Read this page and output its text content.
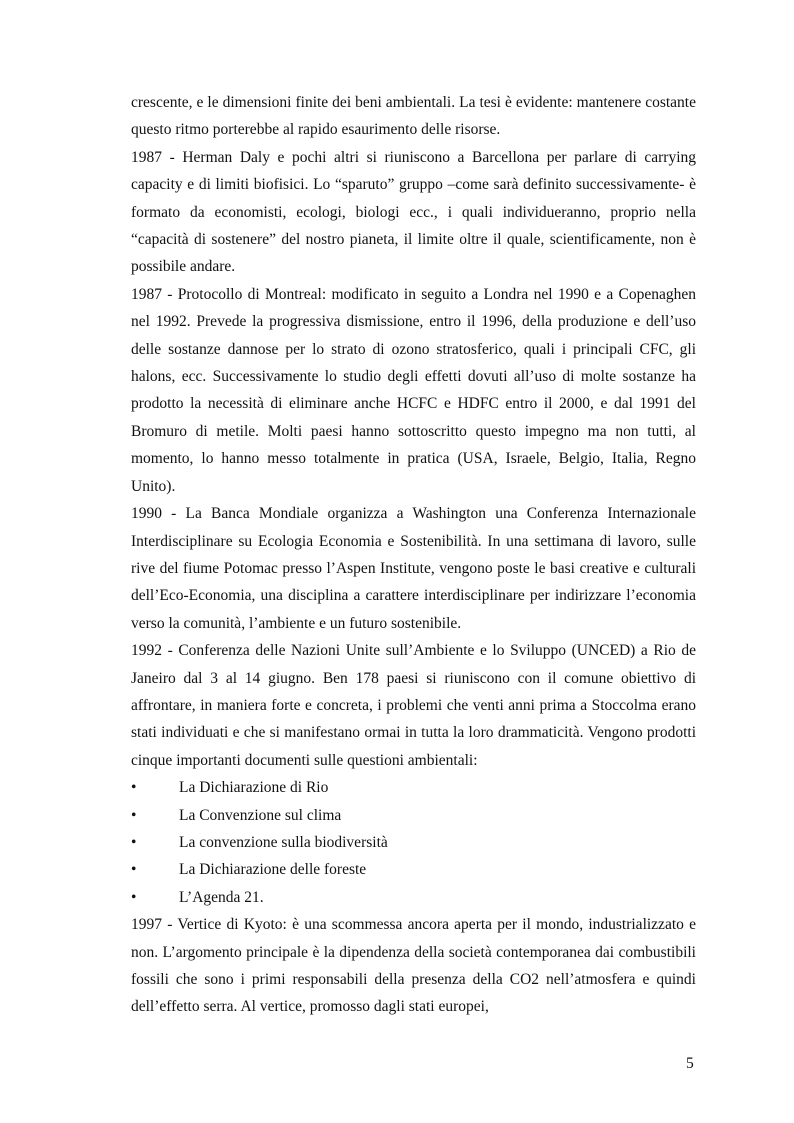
crescente, e le dimensioni finite dei beni ambientali. La tesi è evidente: mantenere costante questo ritmo porterebbe al rapido esaurimento delle risorse.

1987 - Herman Daly e pochi altri si riuniscono a Barcellona per parlare di carrying capacity e di limiti biofisici. Lo “sparuto” gruppo –come sarà definito successivamente- è formato da economisti, ecologi, biologi ecc., i quali individueranno, proprio nella “capacità di sostenere” del nostro pianeta, il limite oltre il quale, scientificamente, non è possibile andare.

1987 - Protocollo di Montreal: modificato in seguito a Londra nel 1990 e a Copenaghen nel 1992. Prevede la progressiva dismissione, entro il 1996, della produzione e dell’uso delle sostanze dannose per lo strato di ozono stratosferico, quali i principali CFC, gli halons, ecc. Successivamente lo studio degli effetti dovuti all’uso di molte sostanze ha prodotto la necessità di eliminare anche HCFC e HDFC entro il 2000, e dal 1991 del Bromuro di metile. Molti paesi hanno sottoscritto questo impegno ma non tutti, al momento, lo hanno messo totalmente in pratica (USA, Israele, Belgio, Italia, Regno Unito).

1990 - La Banca Mondiale organizza a Washington una Conferenza Internazionale Interdisciplinare su Ecologia Economia e Sostenibilità. In una settimana di lavoro, sulle rive del fiume Potomac presso l’Aspen Institute, vengono poste le basi creative e culturali dell’Eco-Economia, una disciplina a carattere interdisciplinare per indirizzare l’economia verso la comunità, l’ambiente e un futuro sostenibile.

1992 - Conferenza delle Nazioni Unite sull’Ambiente e lo Sviluppo (UNCED) a Rio de Janeiro dal 3 al 14 giugno. Ben 178 paesi si riuniscono con il comune obiettivo di affrontare, in maniera forte e concreta, i problemi che venti anni prima a Stoccolma erano stati individuati e che si manifestano ormai in tutta la loro drammaticità. Vengono prodotti cinque importanti documenti sulle questioni ambientali:

•	La Dichiarazione di Rio
•	La Convenzione sul clima
•	La convenzione sulla biodiversità
•	La Dichiarazione delle foreste
•	L’Agenda 21.

1997 - Vertice di Kyoto: è una scommessa ancora aperta per il mondo, industrializzato e non. L’argomento principale è la dipendenza della società contemporanea dai combustibili fossili che sono i primi responsabili della presenza della CO2 nell’atmosfera e quindi dell’effetto serra. Al vertice, promosso dagli stati europei,

5
